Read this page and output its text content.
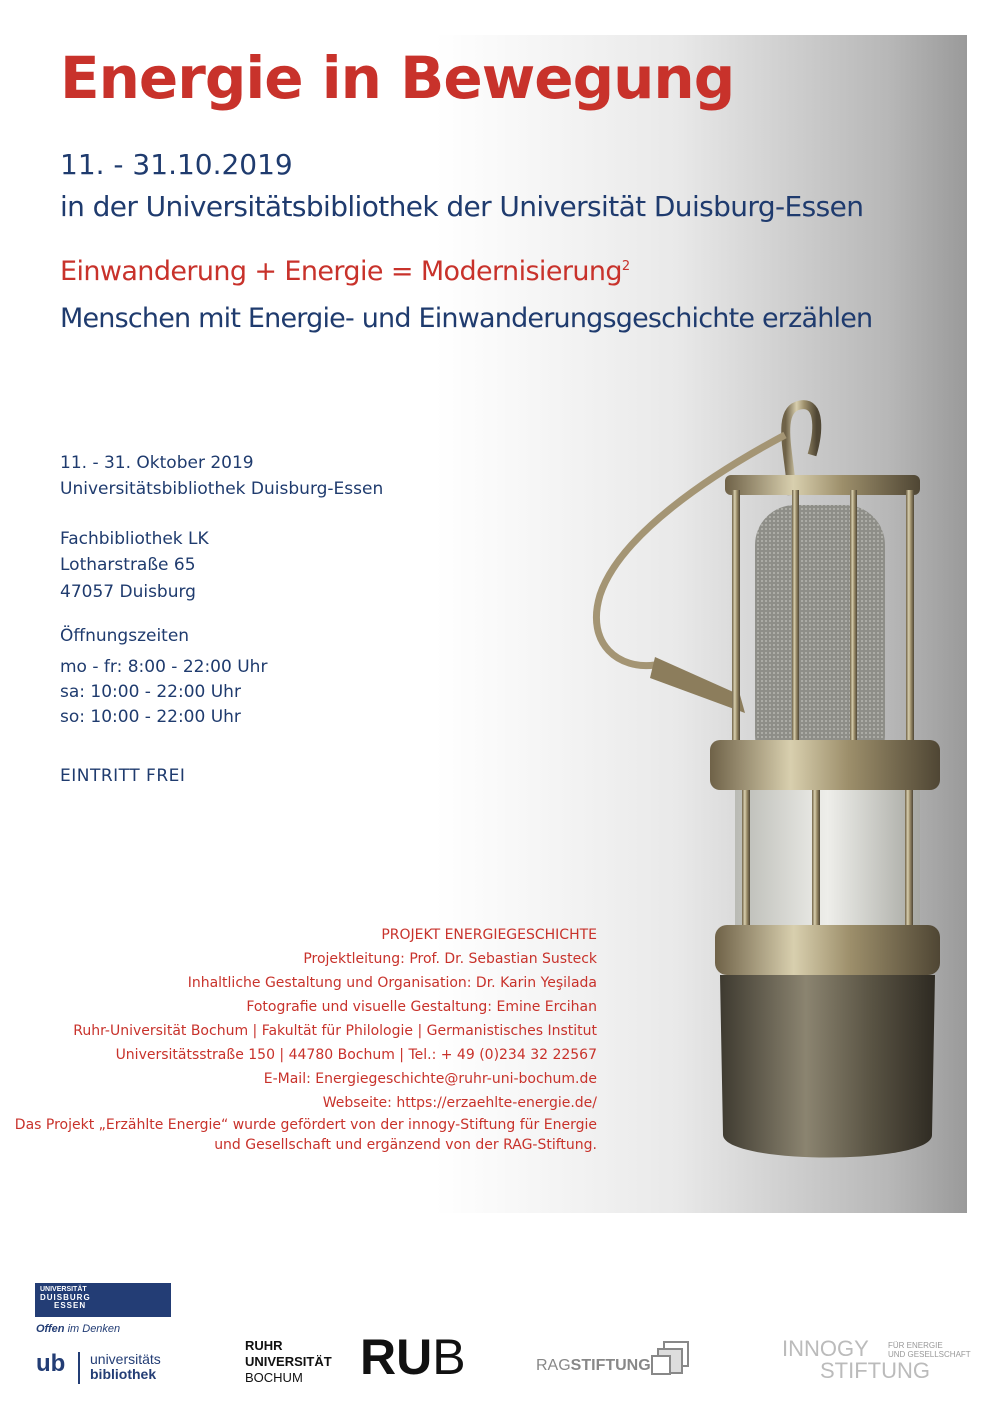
Energie in Bewegung
11. - 31.10.2019
in der Universitätsbibliothek der Universität Duisburg-Essen
Einwanderung + Energie = Modernisierung$^2$
Menschen mit Energie- und Einwanderungsgeschichte erzählen
11. - 31. Oktober 2019
Universitätsbibliothek Duisburg-Essen
Fachbibliothek LK
Lotharstraße 65
47057 Duisburg
Öffnungszeiten
mo - fr: 8:00 - 22:00 Uhr
sa: 10:00 - 22:00 Uhr
so: 10:00 - 22:00 Uhr
EINTRITT FREI
PROJEKT ENERGIEGESCHICHTE
Projektleitung: Prof. Dr. Sebastian Susteck
Inhaltliche Gestaltung und Organisation: Dr. Karin Yeşilada
Fotografie und visuelle Gestaltung: Emine Ercihan
Ruhr-Universität Bochum | Fakultät für Philologie | Germanistisches Institut
Universitätsstraße 150 | 44780 Bochum | Tel.: + 49 (0)234 32 22567
E-Mail: Energiegeschichte@ruhr-uni-bochum.de
Webseite: https://erzaehlte-energie.de/
Das Projekt „Erzählte Energie“ wurde gefördert von der innogy-Stiftung für Energie
und Gesellschaft und ergänzend von der RAG-Stiftung.
UNIVERSITÄT
DUISBURG
ESSEN
Offen im Denken
ub universitäts
bibliothek
RUHR
UNIVERSITÄT
BOCHUM	RUB	RAGSTIFTUNG
INNOGY
STIFTUNG
FÜR ENERGIE
UND GESELLSCHAFT
